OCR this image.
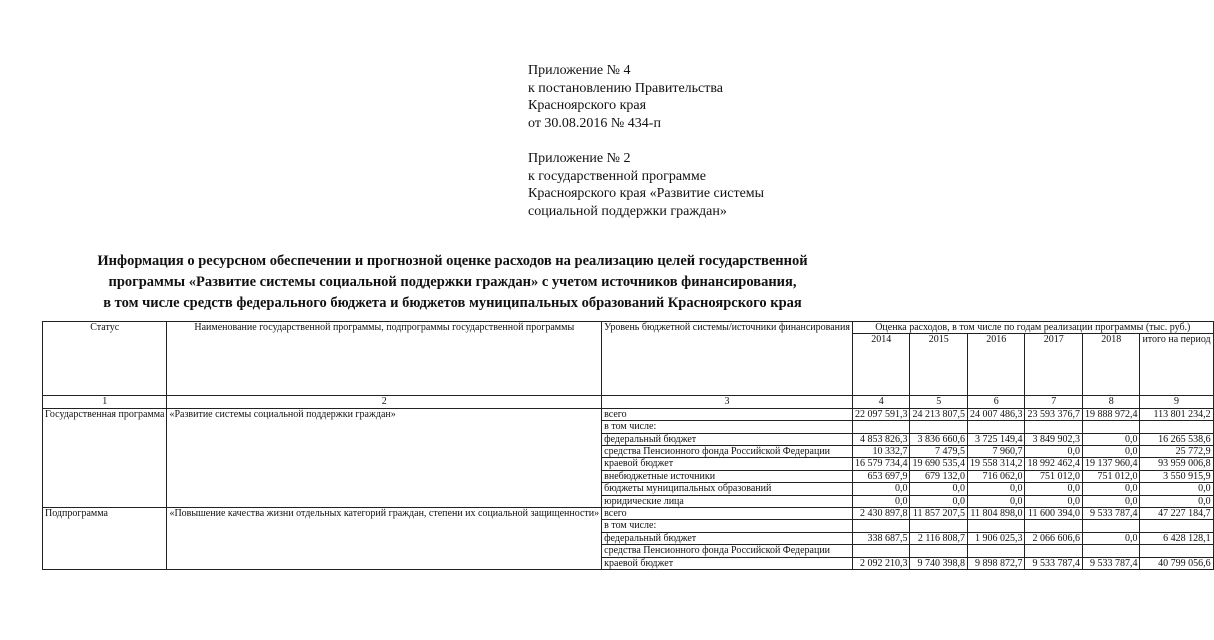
Приложение № 4
к постановлению Правительства
Красноярского края
от 30.08.2016 № 434-п
Приложение № 2
к государственной программе
Красноярского края «Развитие системы
социальной поддержки граждан»
Информация о ресурсном обеспечении и прогнозной оценке расходов на реализацию целей государственной
программы «Развитие системы социальной поддержки граждан» с учетом источников финансирования,
в том числе средств федерального бюджета и бюджетов муниципальных образований Красноярского края
Статус	Наименование государственной программы, подпрограммы государственной программы	Уровень бюджетной системы/источники финансирования	Оценка расходов, в том числе по годам реализации программы (тыс. руб.)					
			2014	2015	2016	2017	2018	итого на период
1	2	3	4	5	6	7	8	9
Государственная программа	«Развитие системы социальной поддержки граждан»	всего	22 097 591,3	24 213 807,5	24 007 486,3	23 593 376,7	19 888 972,4	113 801 234,2
		в том числе:						
		федеральный бюджет	4 853 826,3	3 836 660,6	3 725 149,4	3 849 902,3	0,0	16 265 538,6
		средства Пенсионного фонда Российской Федерации	10 332,7	7 479,5	7 960,7	0,0	0,0	25 772,9
		краевой бюджет	16 579 734,4	19 690 535,4	19 558 314,2	18 992 462,4	19 137 960,4	93 959 006,8
		внебюджетные источники	653 697,9	679 132,0	716 062,0	751 012,0	751 012,0	3 550 915,9
		бюджеты муниципальных образований	0,0	0,0	0,0	0,0	0,0	0,0
		юридические лица	0,0	0,0	0,0	0,0	0,0	0,0
Подпрограмма	«Повышение качества жизни отдельных категорий граждан, степени их социальной защищенности»	всего	2 430 897,8	11 857 207,5	11 804 898,0	11 600 394,0	9 533 787,4	47 227 184,7
		в том числе:						
		федеральный бюджет	338 687,5	2 116 808,7	1 906 025,3	2 066 606,6	0,0	6 428 128,1
		средства Пенсионного фонда Российской Федерации						
		краевой бюджет	2 092 210,3	9 740 398,8	9 898 872,7	9 533 787,4	9 533 787,4	40 799 056,6
